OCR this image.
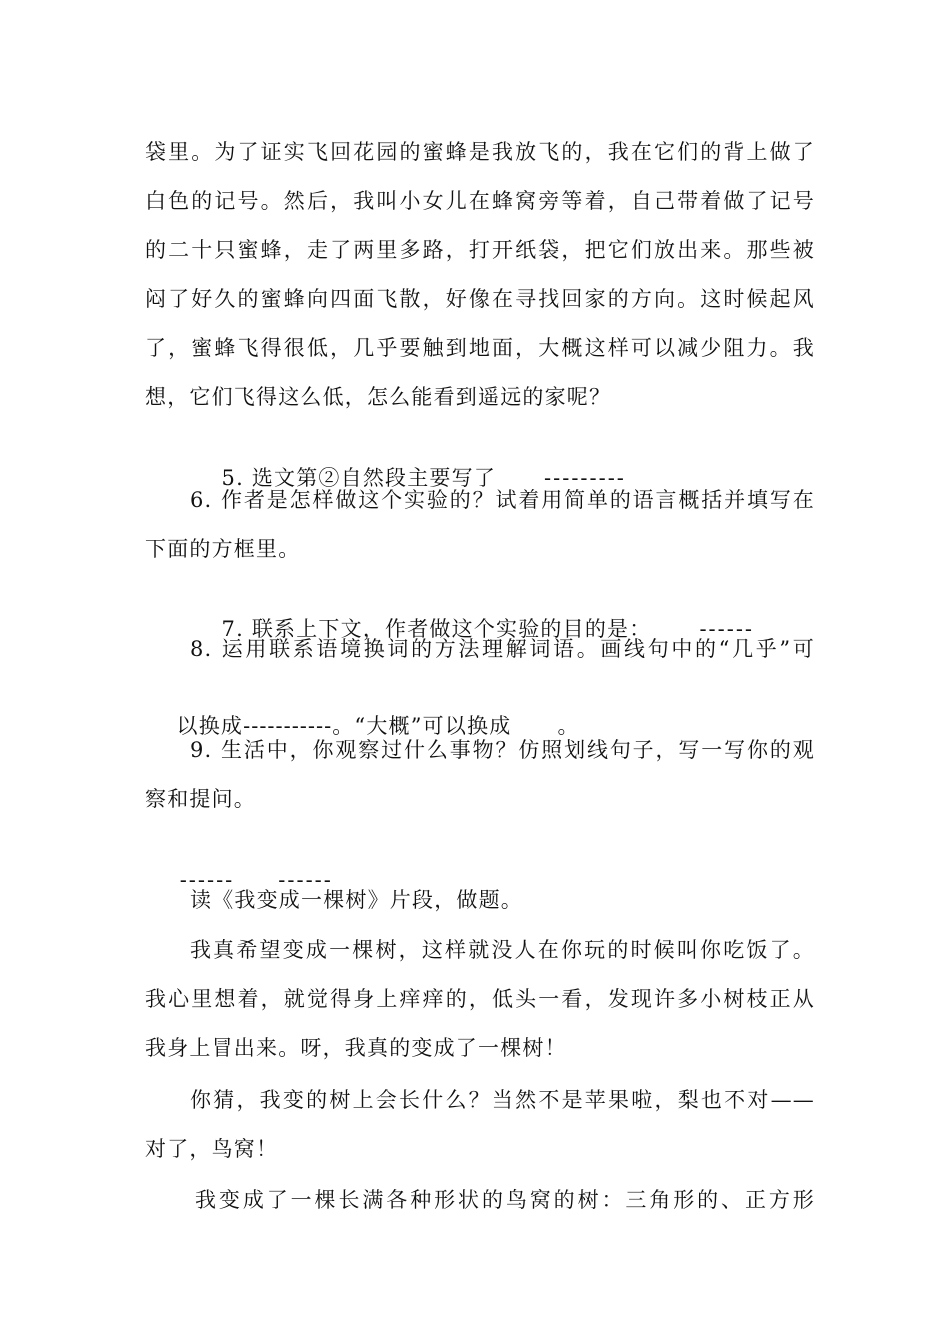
袋里。为了证实飞回花园的蜜蜂是我放飞的，我在它们的背上做了
白色的记号。然后，我叫小女儿在蜂窝旁等着，自己带着做了记号
的二十只蜜蜂，走了两里多路，打开纸袋，把它们放出来。那些被
闷了好久的蜜蜂向四面飞散，好像在寻找回家的方向。这时候起风
了，蜜蜂飞得很低，几乎要触到地面，大概这样可以减少阻力。我
想，它们飞得这么低，怎么能看到遥远的家呢？

5. 选文第②自然段主要写了 ---------

6. 作者是怎样做这个实验的？试着用简单的语言概括并填写在
下面的方框里。

7. 联系上下文，作者做这个实验的目的是： ------

8. 运用联系语境换词的方法理解词语。画线句中的“几乎”可

以换成-----------。“大概”可以换成 。

9. 生活中，你观察过什么事物？仿照划线句子，写一写你的观
察和提问。

------ ------

读《我变成一棵树》片段，做题。
我真希望变成一棵树，这样就没人在你玩的时候叫你吃饭了。
我心里想着，就觉得身上痒痒的，低头一看，发现许多小树枝正从
我身上冒出来。呀，我真的变成了一棵树！
你猜，我变的树上会长什么？当然不是苹果啦，梨也不对——
对了，鸟窝！
我变成了一棵长满各种形状的鸟窝的树：三角形的、正方形
